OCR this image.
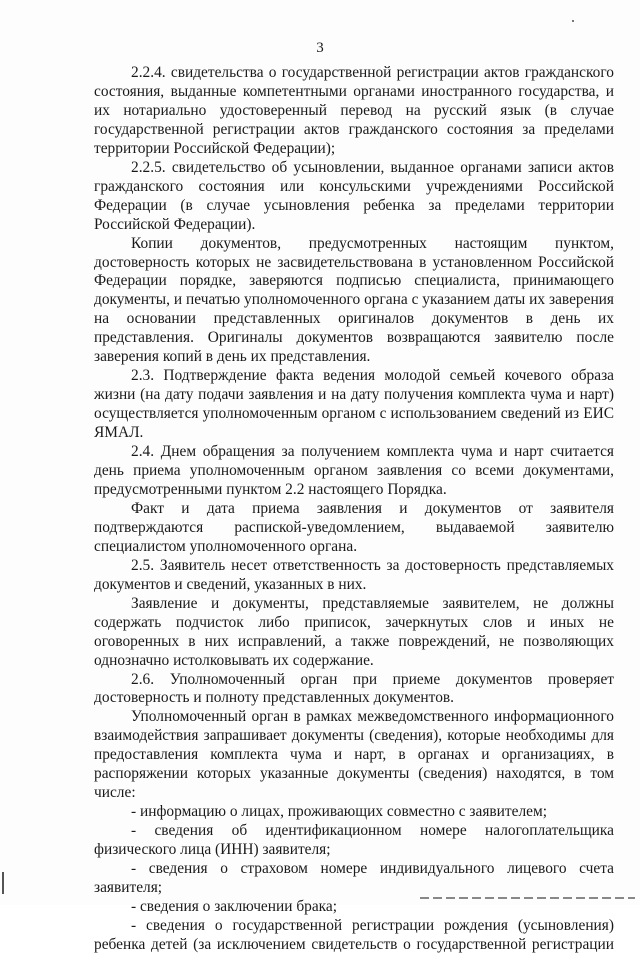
3

2.2.4. свидетельства о государственной регистрации актов гражданского состояния, выданные компетентными органами иностранного государства, и их нотариально удостоверенный перевод на русский язык (в случае государственной регистрации актов гражданского состояния за пределами территории Российской Федерации);

2.2.5. свидетельство об усыновлении, выданное органами записи актов гражданского состояния или консульскими учреждениями Российской Федерации (в случае усыновления ребенка за пределами территории Российской Федерации).

Копии документов, предусмотренных настоящим пунктом, достоверность которых не засвидетельствована в установленном Российской Федерации порядке, заверяются подписью специалиста, принимающего документы, и печатью уполномоченного органа с указанием даты их заверения на основании представленных оригиналов документов в день их представления. Оригиналы документов возвращаются заявителю после заверения копий в день их представления.

2.3. Подтверждение факта ведения молодой семьей кочевого образа жизни (на дату подачи заявления и на дату получения комплекта чума и нарт) осуществляется уполномоченным органом с использованием сведений из ЕИС ЯМАЛ.

2.4. Днем обращения за получением комплекта чума и нарт считается день приема уполномоченным органом заявления со всеми документами, предусмотренными пунктом 2.2 настоящего Порядка.

Факт и дата приема заявления и документов от заявителя подтверждаются распиской-уведомлением, выдаваемой заявителю специалистом уполномоченного органа.

2.5. Заявитель несет ответственность за достоверность представляемых документов и сведений, указанных в них.

Заявление и документы, представляемые заявителем, не должны содержать подчисток либо приписок, зачеркнутых слов и иных не оговоренных в них исправлений, а также повреждений, не позволяющих однозначно истолковывать их содержание.

2.6. Уполномоченный орган при приеме документов проверяет достоверность и полноту представленных документов.

Уполномоченный орган в рамках межведомственного информационного взаимодействия запрашивает документы (сведения), которые необходимы для предоставления комплекта чума и нарт, в органах и организациях, в распоряжении которых указанные документы (сведения) находятся, в том числе:

- информацию о лицах, проживающих совместно с заявителем;

- сведения об идентификационном номере налогоплательщика физического лица (ИНН) заявителя;

- сведения о страховом номере индивидуального лицевого счета заявителя;

- сведения о заключении брака;

- сведения о государственной регистрации рождения (усыновления) ребенка детей (за исключением свидетельств о государственной регистрации
